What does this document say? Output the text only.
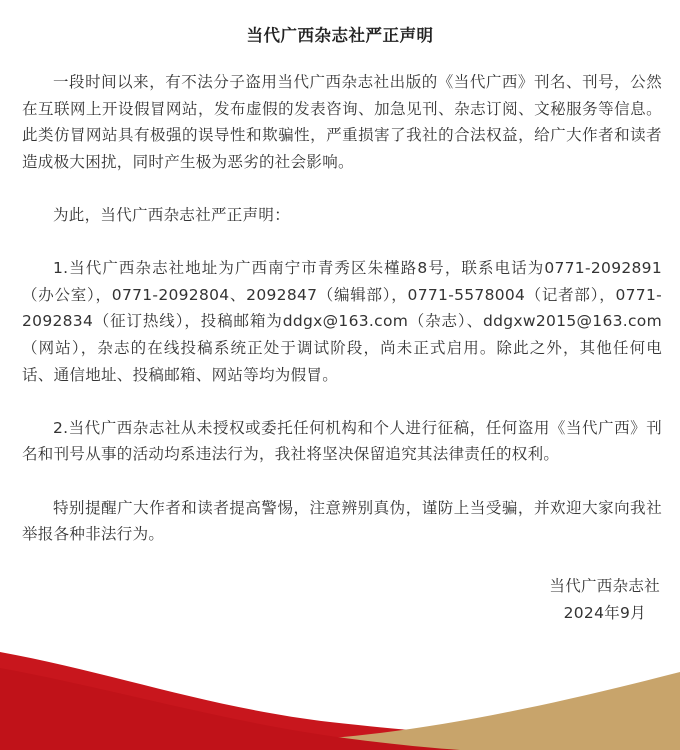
当代广西杂志社严正声明

一段时间以来，有不法分子盗用当代广西杂志社出版的《当代广西》刊名、刊号，公然在互联网上开设假冒网站，发布虚假的发表咨询、加急见刊、杂志订阅、文秘服务等信息。此类仿冒网站具有极强的误导性和欺骗性，严重损害了我社的合法权益，给广大作者和读者造成极大困扰，同时产生极为恶劣的社会影响。

为此，当代广西杂志社严正声明：

1.当代广西杂志社地址为广西南宁市青秀区朱槿路8号，联系电话为0771-2092891（办公室），0771-2092804、2092847（编辑部），0771-5578004（记者部），0771-2092834（征订热线），投稿邮箱为ddgx@163.com（杂志）、ddgxw2015@163.com（网站），杂志的在线投稿系统正处于调试阶段，尚未正式启用。除此之外，其他任何电话、通信地址、投稿邮箱、网站等均为假冒。

2.当代广西杂志社从未授权或委托任何机构和个人进行征稿，任何盗用《当代广西》刊名和刊号从事的活动均系违法行为，我社将坚决保留追究其法律责任的权利。

特别提醒广大作者和读者提高警惕，注意辨别真伪，谨防上当受骗，并欢迎大家向我社举报各种非法行为。

当代广西杂志社
2024年9月
